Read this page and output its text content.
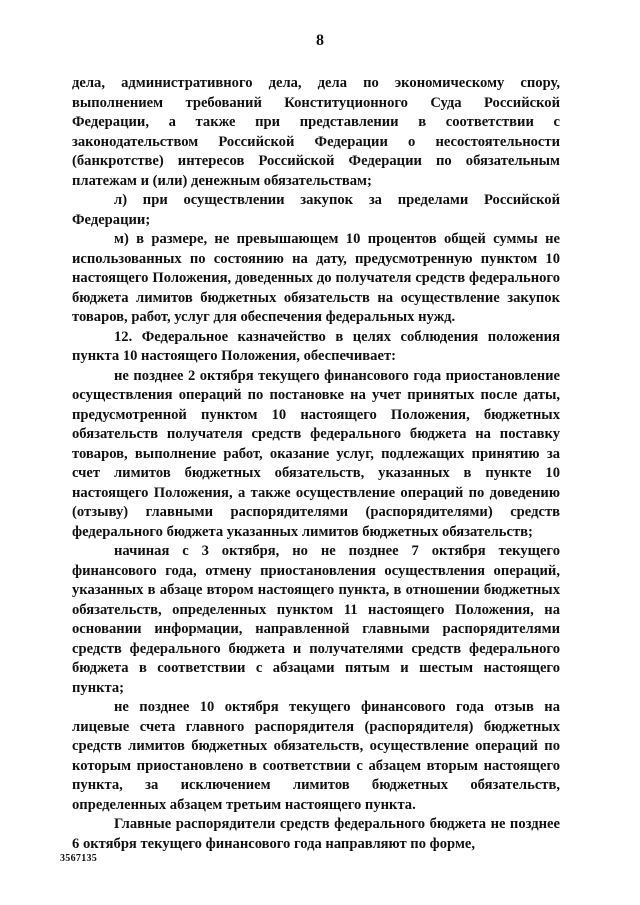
8

дела, административного дела, дела по экономическому спору, выполнением требований Конституционного Суда Российской Федерации, а также при представлении в соответствии с законодательством Российской Федерации о несостоятельности (банкротстве) интересов Российской Федерации по обязательным платежам и (или) денежным обязательствам;

л) при осуществлении закупок за пределами Российской Федерации;

м) в размере, не превышающем 10 процентов общей суммы не использованных по состоянию на дату, предусмотренную пунктом 10 настоящего Положения, доведенных до получателя средств федерального бюджета лимитов бюджетных обязательств на осуществление закупок товаров, работ, услуг для обеспечения федеральных нужд.

12. Федеральное казначейство в целях соблюдения положения пункта 10 настоящего Положения, обеспечивает:

не позднее 2 октября текущего финансового года приостановление осуществления операций по постановке на учет принятых после даты, предусмотренной пунктом 10 настоящего Положения, бюджетных обязательств получателя средств федерального бюджета на поставку товаров, выполнение работ, оказание услуг, подлежащих принятию за счет лимитов бюджетных обязательств, указанных в пункте 10 настоящего Положения, а также осуществление операций по доведению (отзыву) главными распорядителями (распорядителями) средств федерального бюджета указанных лимитов бюджетных обязательств;

начиная с 3 октября, но не позднее 7 октября текущего финансового года, отмену приостановления осуществления операций, указанных в абзаце втором настоящего пункта, в отношении бюджетных обязательств, определенных пунктом 11 настоящего Положения, на основании информации, направленной главными распорядителями средств федерального бюджета и получателями средств федерального бюджета в соответствии с абзацами пятым и шестым настоящего пункта;

не позднее 10 октября текущего финансового года отзыв на лицевые счета главного распорядителя (распорядителя) бюджетных средств лимитов бюджетных обязательств, осуществление операций по которым приостановлено в соответствии с абзацем вторым настоящего пункта, за исключением лимитов бюджетных обязательств, определенных абзацем третьим настоящего пункта.

Главные распорядители средств федерального бюджета не позднее 6 октября текущего финансового года направляют по форме,

3567135
